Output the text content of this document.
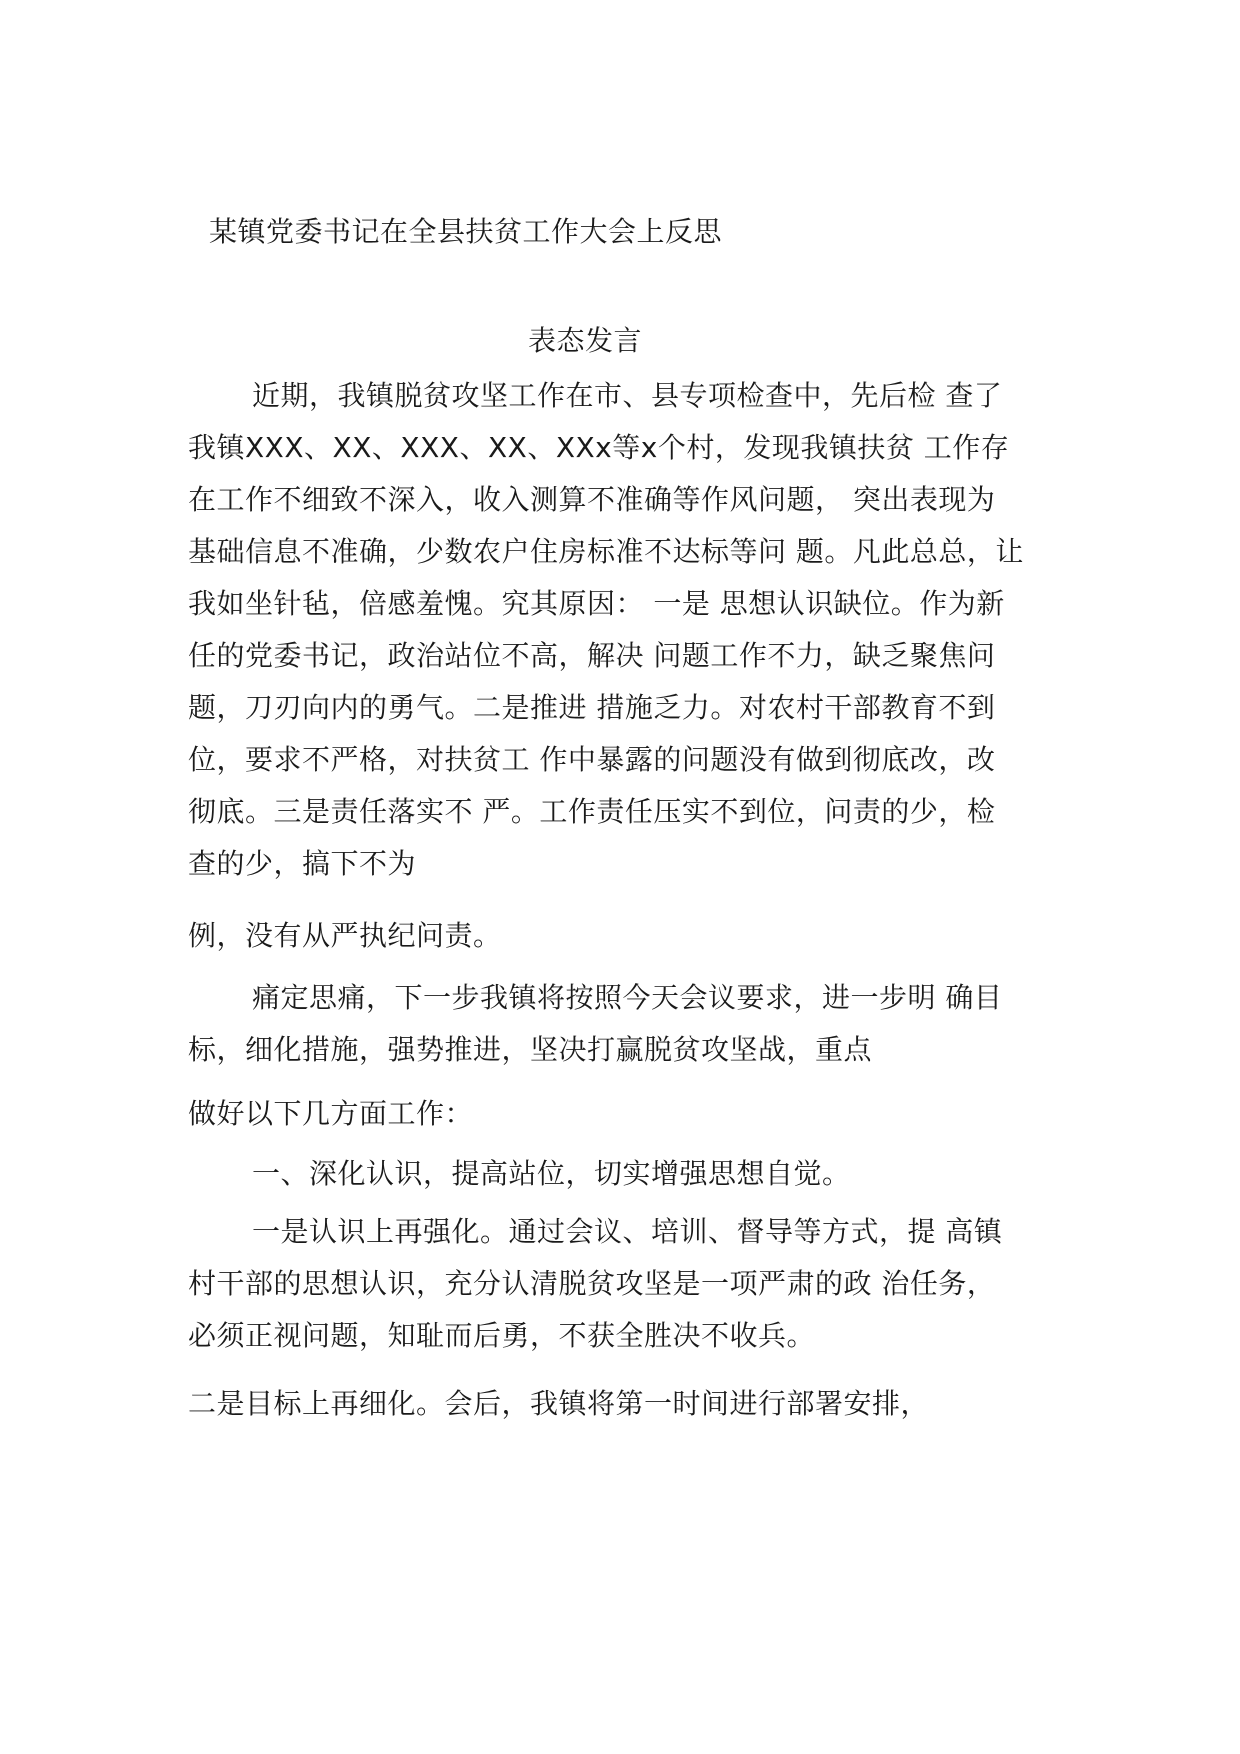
某镇党委书记在全县扶贫工作大会上反思
表态发言
近期，我镇脱贫攻坚工作在市、县专项检查中，先后检 查了
我镇XXX、XX、XXX、XX、XXx等x个村，发现我镇扶贫 工作存
在工作不细致不深入，收入测算不准确等作风问题， 突出表现为
基础信息不准确，少数农户住房标准不达标等问 题。凡此总总，让
我如坐针毡，倍感羞愧。究其原因： 一是 思想认识缺位。作为新
任的党委书记，政治站位不高，解决 问题工作不力，缺乏聚焦问
题，刀刃向内的勇气。二是推进 措施乏力。对农村干部教育不到
位，要求不严格，对扶贫工 作中暴露的问题没有做到彻底改，改
彻底。三是责任落实不 严。工作责任压实不到位，问责的少，检
查的少，搞下不为
例，没有从严执纪问责。
痛定思痛，下一步我镇将按照今天会议要求，进一步明 确目
标，细化措施，强势推进，坚决打赢脱贫攻坚战，重点
做好以下几方面工作：
一、深化认识，提高站位，切实增强思想自觉。
一是认识上再强化。通过会议、培训、督导等方式，提 高镇
村干部的思想认识，充分认清脱贫攻坚是一项严肃的政 治任务，
必须正视问题，知耻而后勇，不获全胜决不收兵。
二是目标上再细化。会后，我镇将第一时间进行部署安排，
